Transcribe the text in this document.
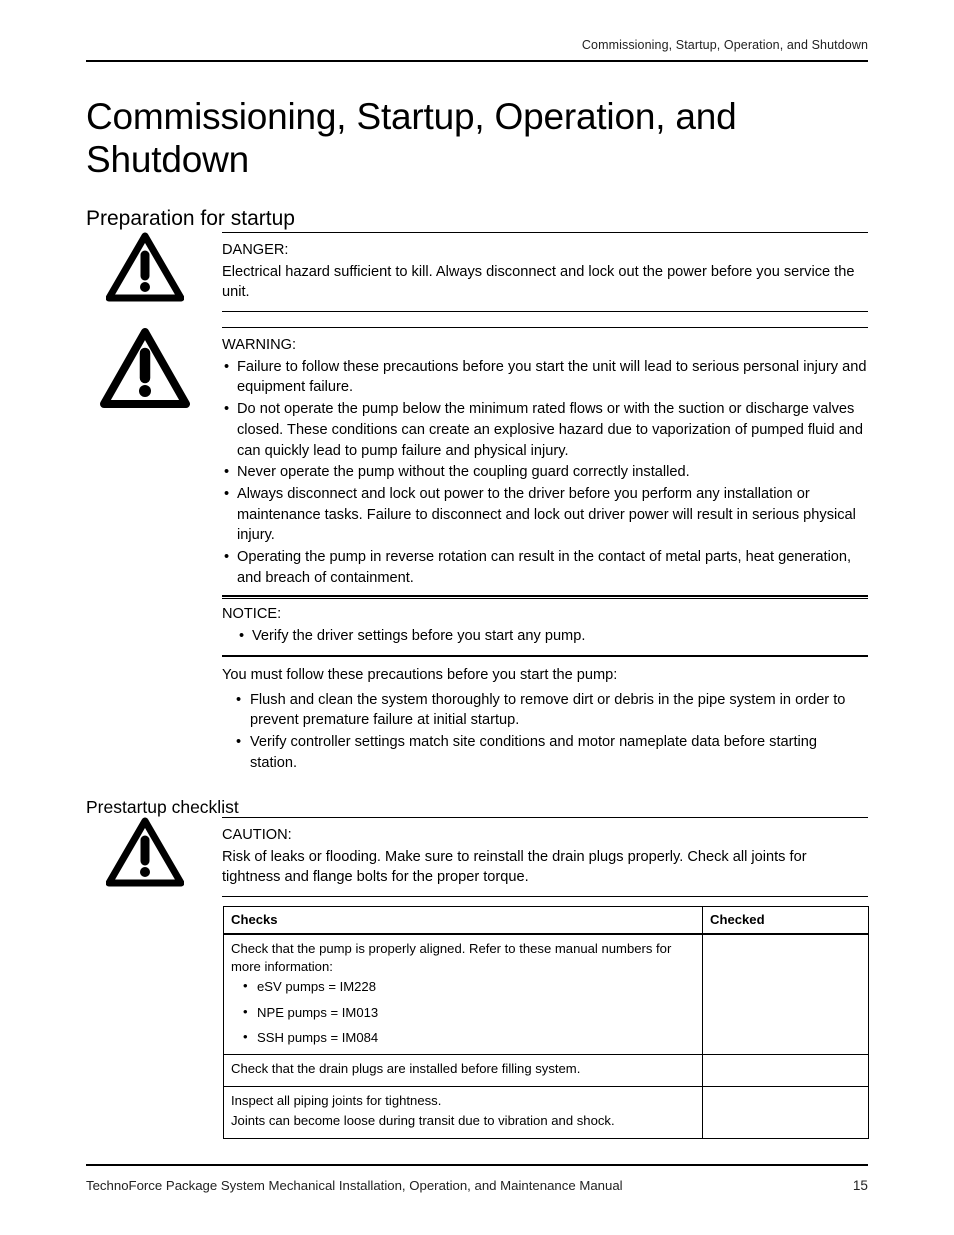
Commissioning, Startup, Operation, and Shutdown
Commissioning, Startup, Operation, and Shutdown
Preparation for startup
DANGER:
Electrical hazard sufficient to kill. Always disconnect and lock out the power before you service the unit.
WARNING:
• Failure to follow these precautions before you start the unit will lead to serious personal injury and equipment failure.
• Do not operate the pump below the minimum rated flows or with the suction or discharge valves closed. These conditions can create an explosive hazard due to vaporization of pumped fluid and can quickly lead to pump failure and physical injury.
• Never operate the pump without the coupling guard correctly installed.
• Always disconnect and lock out power to the driver before you perform any installation or maintenance tasks. Failure to disconnect and lock out driver power will result in serious physical injury.
• Operating the pump in reverse rotation can result in the contact of metal parts, heat generation, and breach of containment.
NOTICE:
• Verify the driver settings before you start any pump.

You must follow these precautions before you start the pump:

• Flush and clean the system thoroughly to remove dirt or debris in the pipe system in order to prevent premature failure at initial startup.
• Verify controller settings match site conditions and motor nameplate data before starting station.
Prestartup checklist
CAUTION:
Risk of leaks or flooding. Make sure to reinstall the drain plugs properly. Check all joints for tightness and flange bolts for the proper torque.
Checks	Checked

Check that the pump is properly aligned. Refer to these manual numbers for more information:
• eSV pumps = IM228
• NPE pumps = IM013
• SSH pumps = IM084

Check that the drain plugs are installed before filling system.	

Inspect all piping joints for tightness.
Joints can become loose during transit due to vibration and shock.	

TechnoForce Package System Mechanical Installation, Operation, and Maintenance Manual	15
